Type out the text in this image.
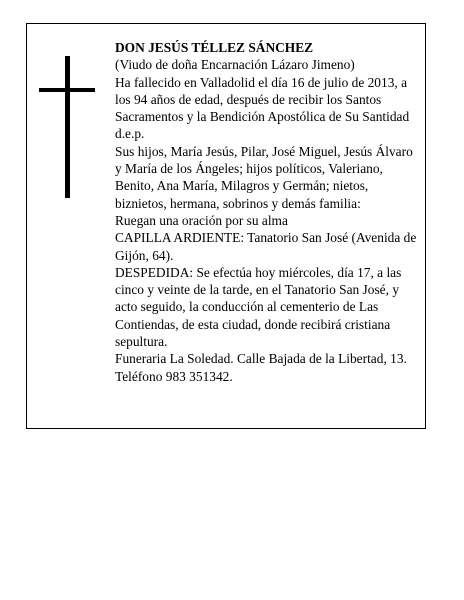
DON JESÚS TÉLLEZ SÁNCHEZ

(Viudo de doña Encarnación Lázaro Jimeno)

Ha fallecido en Valladolid el día 16 de julio de 2013, a los 94 años de edad, después de recibir los Santos Sacramentos y la Bendición Apostólica de Su Santidad

d.e.p.

Sus hijos, María Jesús, Pilar, José Miguel, Jesús Álvaro y María de los Ángeles; hijos políticos, Valeriano, Benito, Ana María, Milagros y Germán; nietos, biznietos, hermana, sobrinos y demás familia:

Ruegan una oración por su alma

CAPILLA ARDIENTE: Tanatorio San José (Avenida de Gijón, 64).

DESPEDIDA: Se efectúa hoy miércoles, día 17, a las cinco y veinte de la tarde, en el Tanatorio San José, y acto seguido, la conducción al cementerio de Las Contiendas, de esta ciudad, donde recibirá cristiana sepultura.

Funeraria La Soledad. Calle Bajada de la Libertad, 13. Teléfono 983 351342.
